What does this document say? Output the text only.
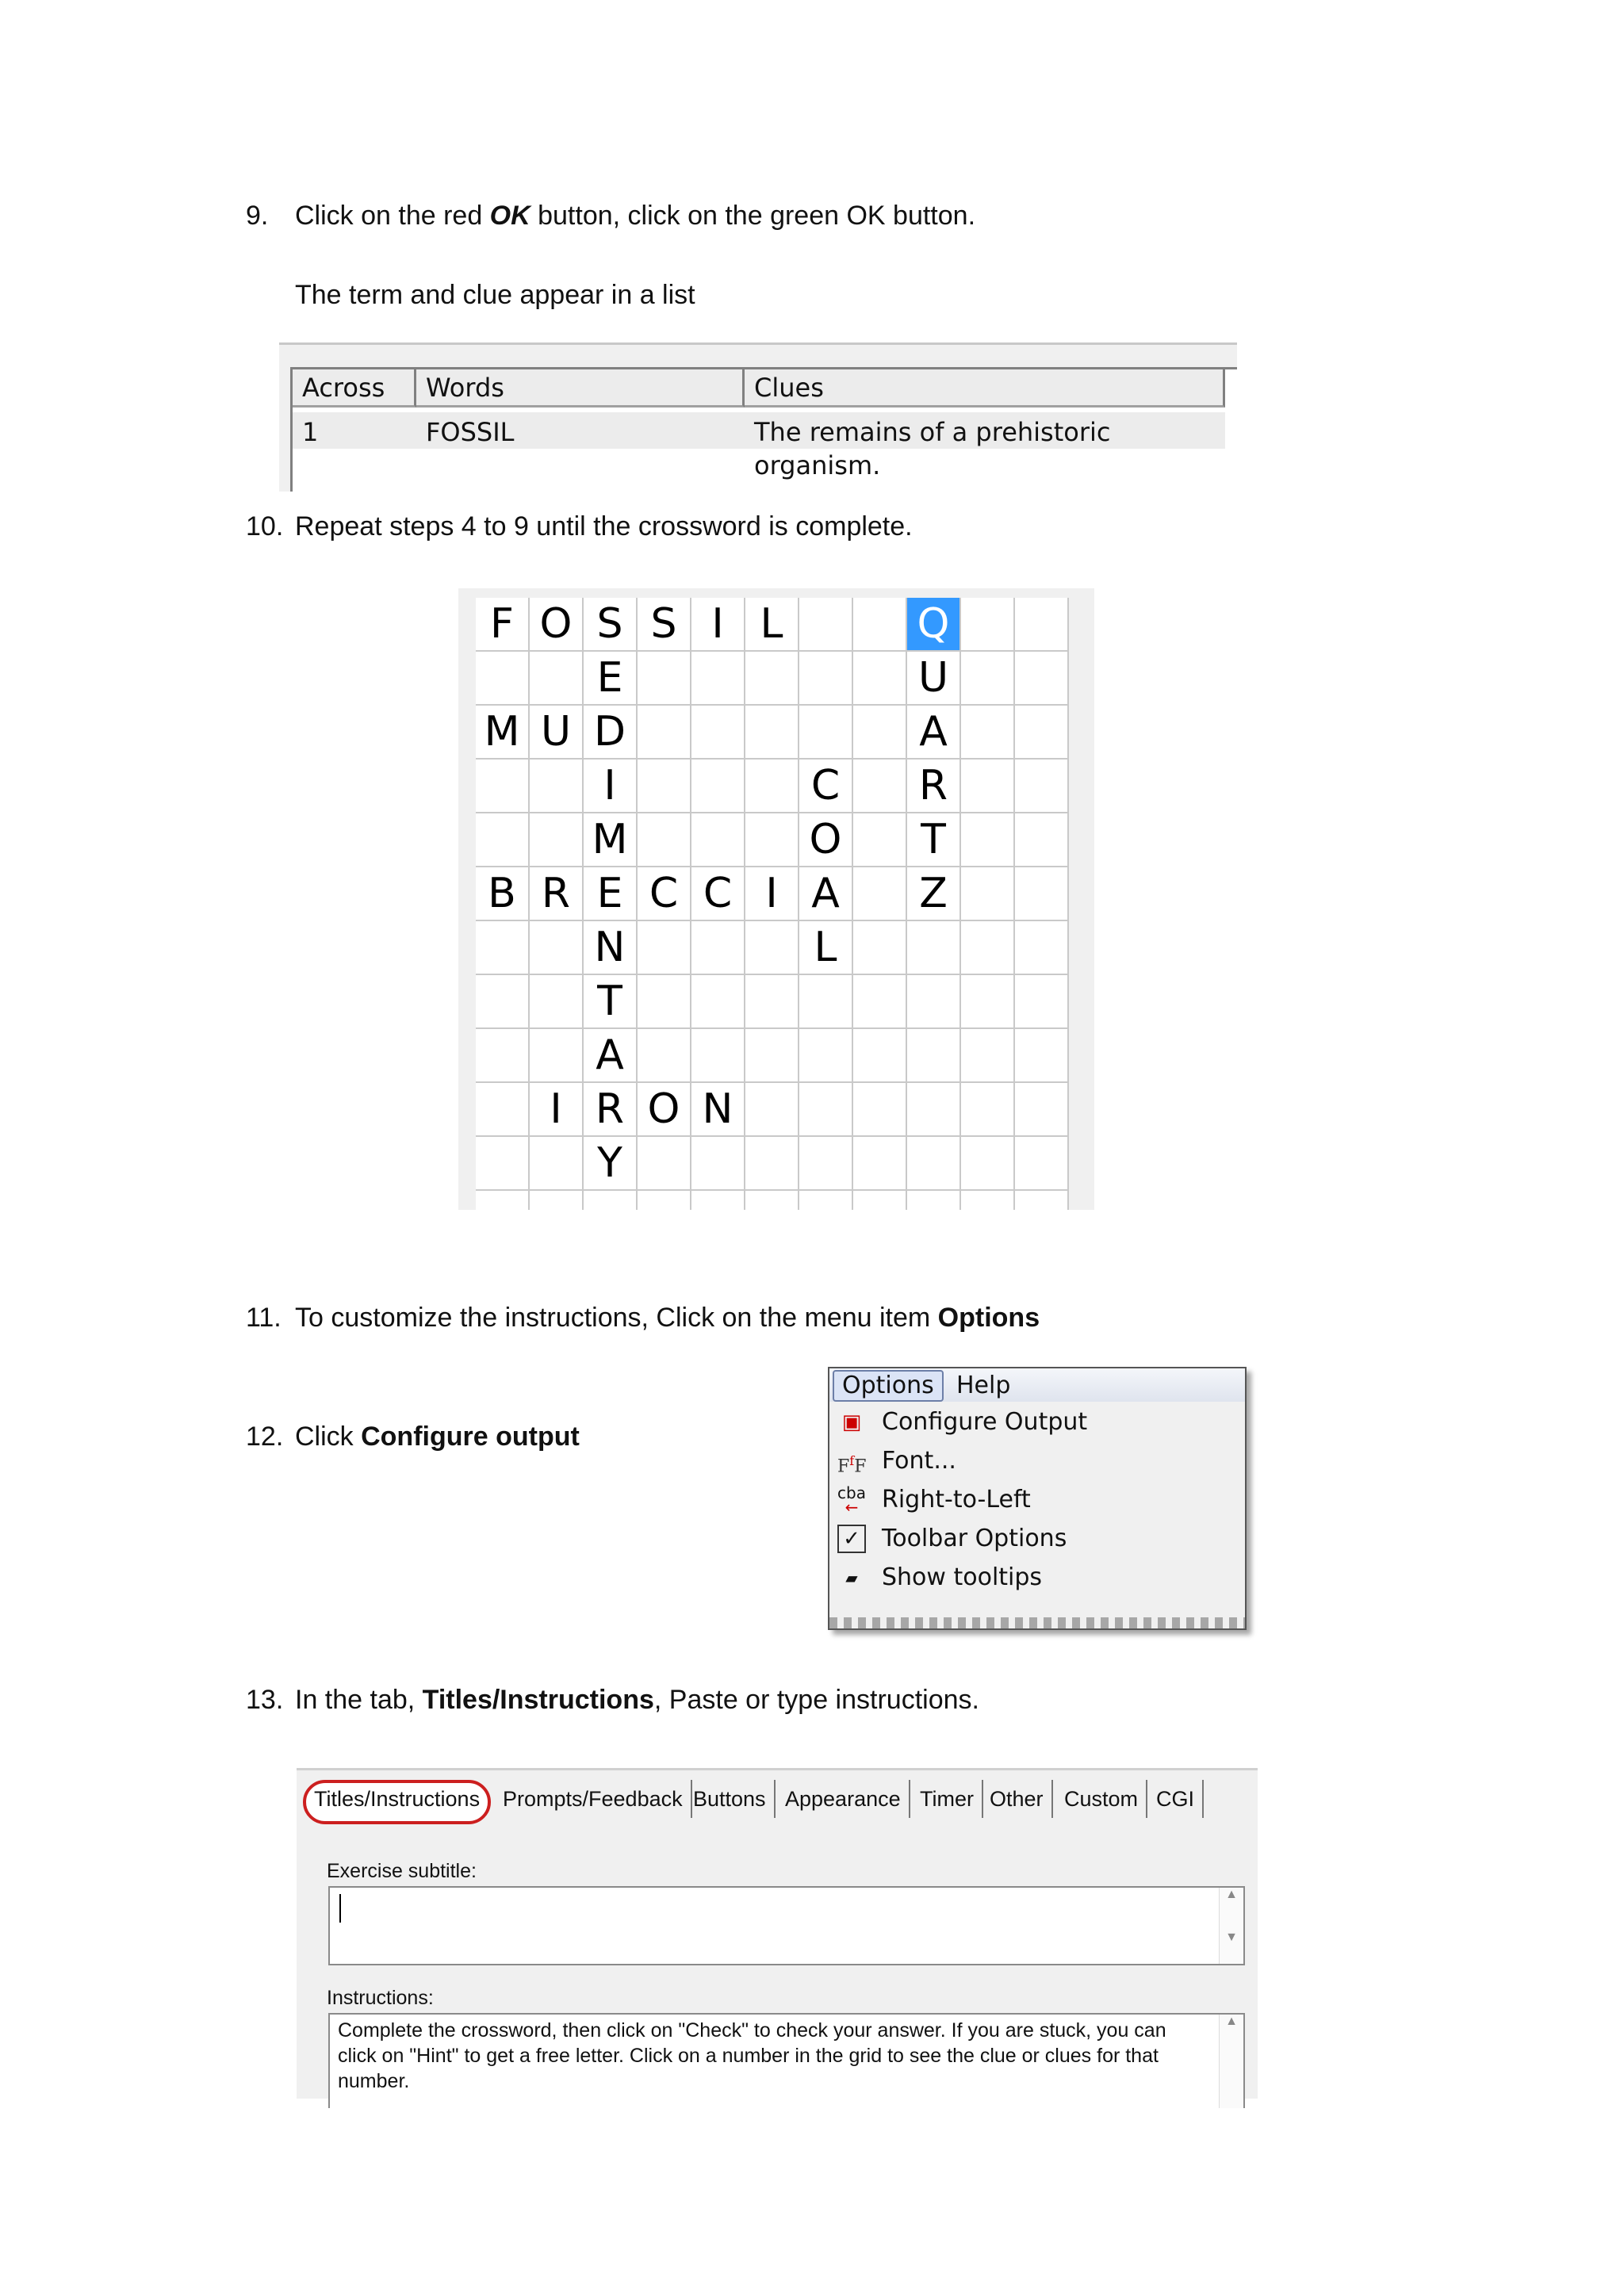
9. Click on the red OK button, click on the green OK button.
The term and clue appear in a list
Across	Words	Clues
1	FOSSIL	The remains of a prehistoric organism.
10. Repeat steps 4 to 9 until the crossword is complete.
F O S S I L	Q
E	U
M U D	A
I	C	R
M	O	T
B R E C C I A	Z
N	L
T
A
I R O N
Y
11. To customize the instructions, Click on the menu item Options
12. Click Configure output
Options Help
▣ Configure Output
$F^fF$ Font...
cba
← Right-to-Left
✓ Toolbar Options
▰	Show tooltips
13. In the tab, Titles/Instructions, Paste or type instructions.
Titles/Instructions	Prompts/Feedback Buttons Appearance Timer Other Custom CGI
Exercise subtitle:
▲

▼
Instructions:
Complete the crossword, then click on "Check" to check your answer. If you are stuck, you can click on "Hint" to get a free letter. Click on a number in the grid to see the clue or clues for that number.
▲
